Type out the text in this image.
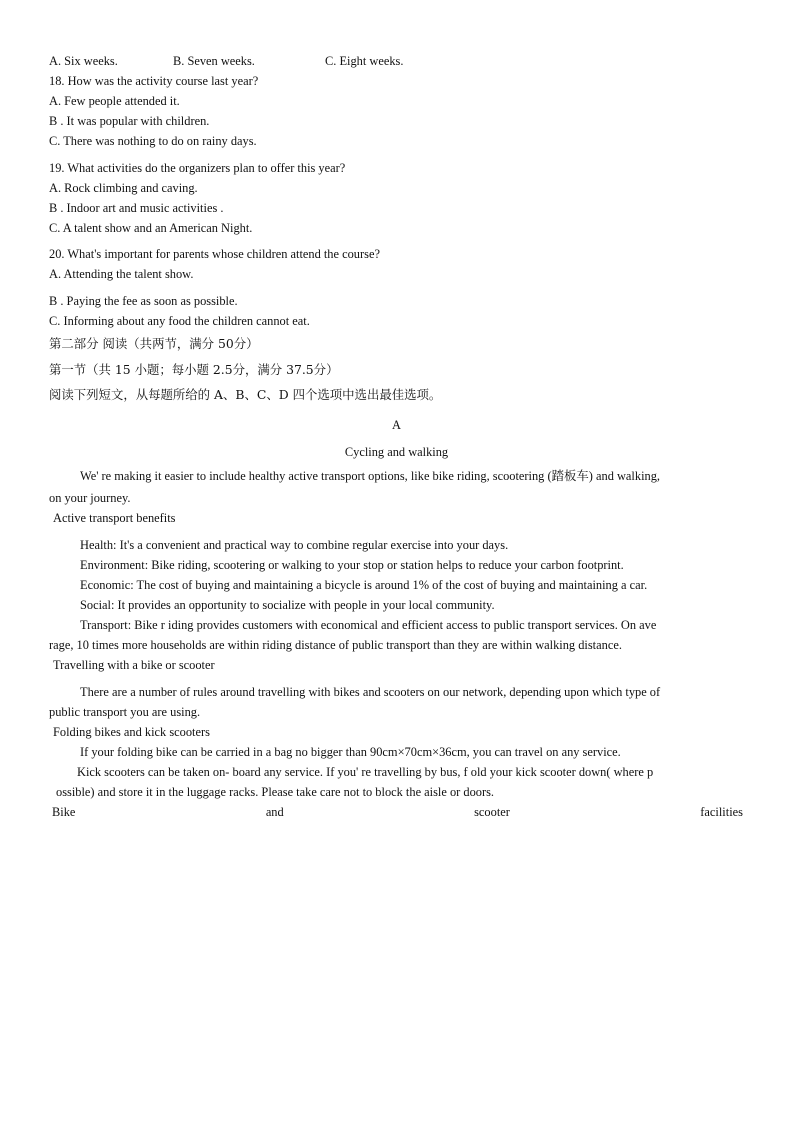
A. Six weeks.	B. Seven weeks.	C. Eight weeks.
18. How was the activity course last year?
A. Few people attended it.
B . It was popular with children.
C. There was nothing to do on rainy days.
19. What activities do the organizers plan to offer this year?
A. Rock climbing and caving.
B . Indoor art and music activities .
C. A talent show and an American Night.
20. What's important for parents whose children attend the course?
A. Attending the talent show.
B . Paying the fee as soon as possible.
C. Informing about any food the children cannot eat.
第二部分 阅读（共两节，满分 50分）
第一节（共 15 小题；每小题 2.5分，满分 37.5分）
阅读下列短文，从每题所给的 A、B、C、D 四个选项中选出最佳选项。
A
Cycling and walking
We' re making it easier to include healthy active transport options, like bike riding, scootering (踏板车) and walking,
on your journey.
Active transport benefits
Health: It's a convenient and practical way to combine regular exercise into your days.
Environment: Bike riding, scootering or walking to your stop or station helps to reduce your carbon footprint.
Economic: The cost of buying and maintaining a bicycle is around 1% of the cost of buying and maintaining a car.
Social: It provides an opportunity to socialize with people in your local community.
Transport: Bike r iding provides customers with economical and efficient access to public transport services. On ave
rage, 10 times more households are within riding distance of public transport than they are within walking distance.
Travelling with a bike or scooter
There are a number of rules around travelling with bikes and scooters on our network, depending upon which type of
public transport you are using.
Folding bikes and kick scooters
If your folding bike can be carried in a bag no bigger than 90cm×70cm×36cm, you can travel on any service.
Kick scooters can be taken on- board any service. If you' re travelling by bus, f old your kick scooter down( where p
ossible) and store it in the luggage racks. Please take care not to block the aisle or doors.
Bike	and	scooter	facilities
